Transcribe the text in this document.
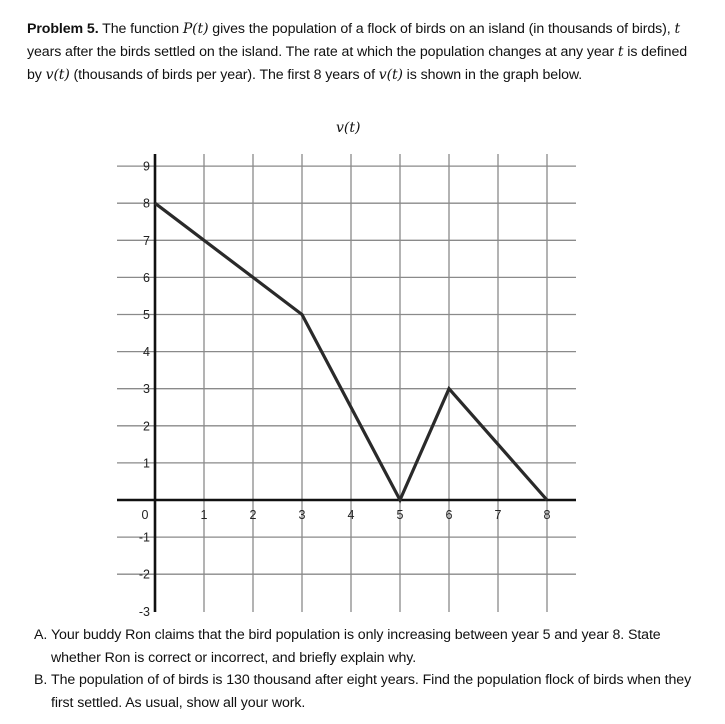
Problem 5. The function P(t) gives the population of a flock of birds on an island (in thousands of birds), t years after the birds settled on the island. The rate at which the population changes at any year t is defined by v(t) (thousands of birds per year). The first 8 years of v(t) is shown in the graph below.
v(t)
9
8
7
6
5
4
3
2
1
-1
-2
-3
0	1	2	3	4	5	6	7	8
A. Your buddy Ron claims that the bird population is only increasing between year 5 and year 8. State whether Ron is correct or incorrect, and briefly explain why.
B. The population of of birds is 130 thousand after eight years. Find the population flock of birds when they first settled. As usual, show all your work.
